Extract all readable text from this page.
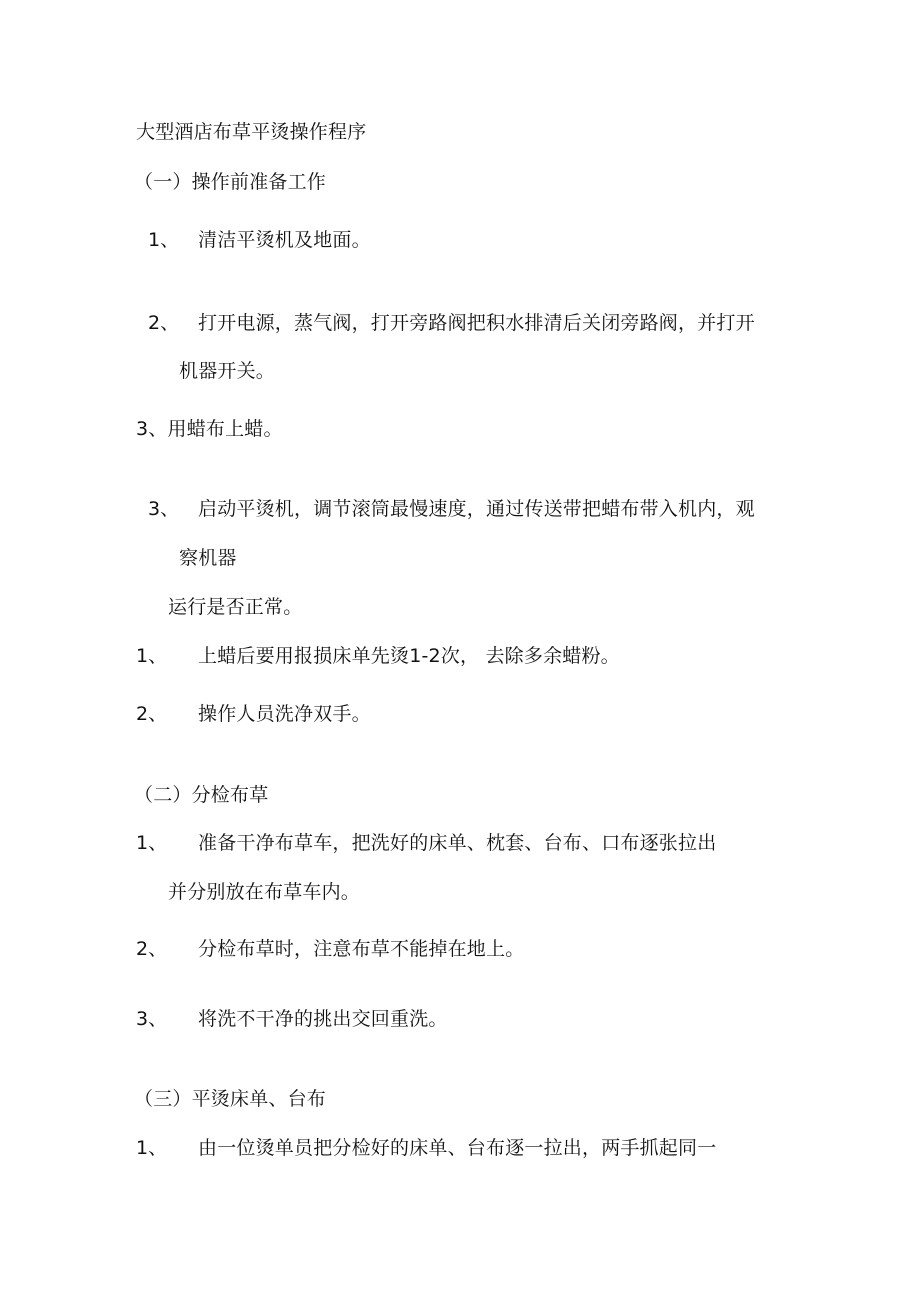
大型酒店布草平烫操作程序
（一）操作前准备工作
1、 清洁平烫机及地面。
2、 打开电源，蒸气阀，打开旁路阀把积水排清后关闭旁路阀，并打开
机器开关。
3、用蜡布上蜡。
3、 启动平烫机，调节滚筒最慢速度，通过传送带把蜡布带入机内，观
察机器
运行是否正常。
1、 上蜡后要用报损床单先烫1-2次， 去除多余蜡粉。
2、 操作人员洗净双手。
（二）分检布草
1、 准备干净布草车，把洗好的床单、枕套、台布、口布逐张拉出
并分别放在布草车内。
2、 分检布草时，注意布草不能掉在地上。
3、 将洗不干净的挑出交回重洗。
（三）平烫床单、台布
1、 由一位烫单员把分检好的床单、台布逐一拉出，两手抓起同一
